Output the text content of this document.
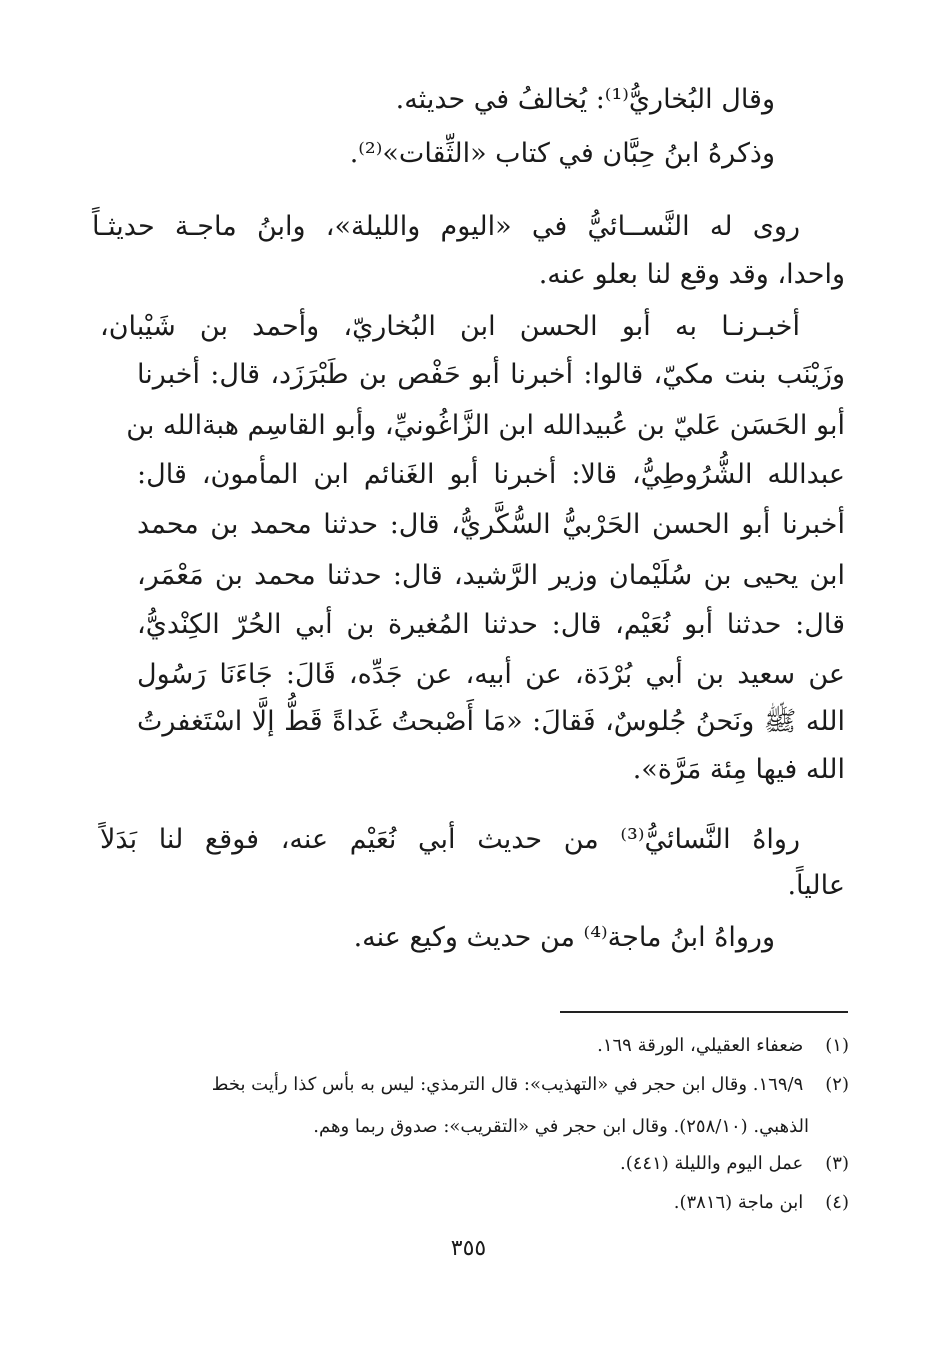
وقال البُخاريُّ⁽¹⁾: يُخالفُ في حديثه.
وذكرهُ ابنُ حِبَّان في كتاب «الثِّقات»⁽²⁾.
روى له النَّســائيُّ في «اليوم والليلة»، وابنُ ماجـة حديثـاً
واحدا، وقد وقع لنا بعلو عنه.
أخبـرنـا به أبو الحسن ابن البُخاريّ، وأحمد بن شَيْبان،
وزَيْنَب بنت مكيّ، قالوا: أخبرنا أبو حَفْص بن طَبْرَزَد، قال: أخبرنا
أبو الحَسَن عَليّ بن عُبيدالله ابن الزَّاغُونيِّ، وأبو القاسِم هبةالله بن
عبدالله الشُّرُوطِيُّ، قالا: أخبرنا أبو الغَنائم ابن المأمون، قال:
أخبرنا أبو الحسن الحَرْبيُّ السُّكَّريُّ، قال: حدثنا محمد بن محمد
ابن يحيى بن سُلَيْمان وزير الرَّشيد، قال: حدثنا محمد بن مَعْمَر،
قال: حدثنا أبو نُعَيْم، قال: حدثنا المُغيرة بن أبي الحُرّ الكِنْديُّ،
عن سعيد بن أبي بُرْدَة، عن أبيه، عن جَدِّه، قَالَ: جَاءَنَا رَسُول
الله ﷺ ونَحنُ جُلوسٌ، فَقالَ: «مَا أَصْبحتُ غَداةً قَطُّ إلَّا اسْتَغفرتُ
الله فيها مِئة مَرَّة».
رواهُ النَّسائيُّ⁽³⁾ من حديث أبي نُعَيْم عنه، فوقع لنا بَدَلاً
عالياً.
ورواهُ ابنُ ماجة⁽⁴⁾ من حديث وكيع عنه.
(١) ضعفاء العقيلي، الورقة ١٦٩.
(٢) ١٦٩/٩. وقال ابن حجر في «التهذيب»: قال الترمذي: ليس به بأس كذا رأيت بخط
الذهبي. (٢٥٨/١٠). وقال ابن حجر في «التقريب»: صدوق ربما وهم.
(٣) عمل اليوم والليلة (٤٤١).
(٤) ابن ماجة (٣٨١٦).
٣٥٥
